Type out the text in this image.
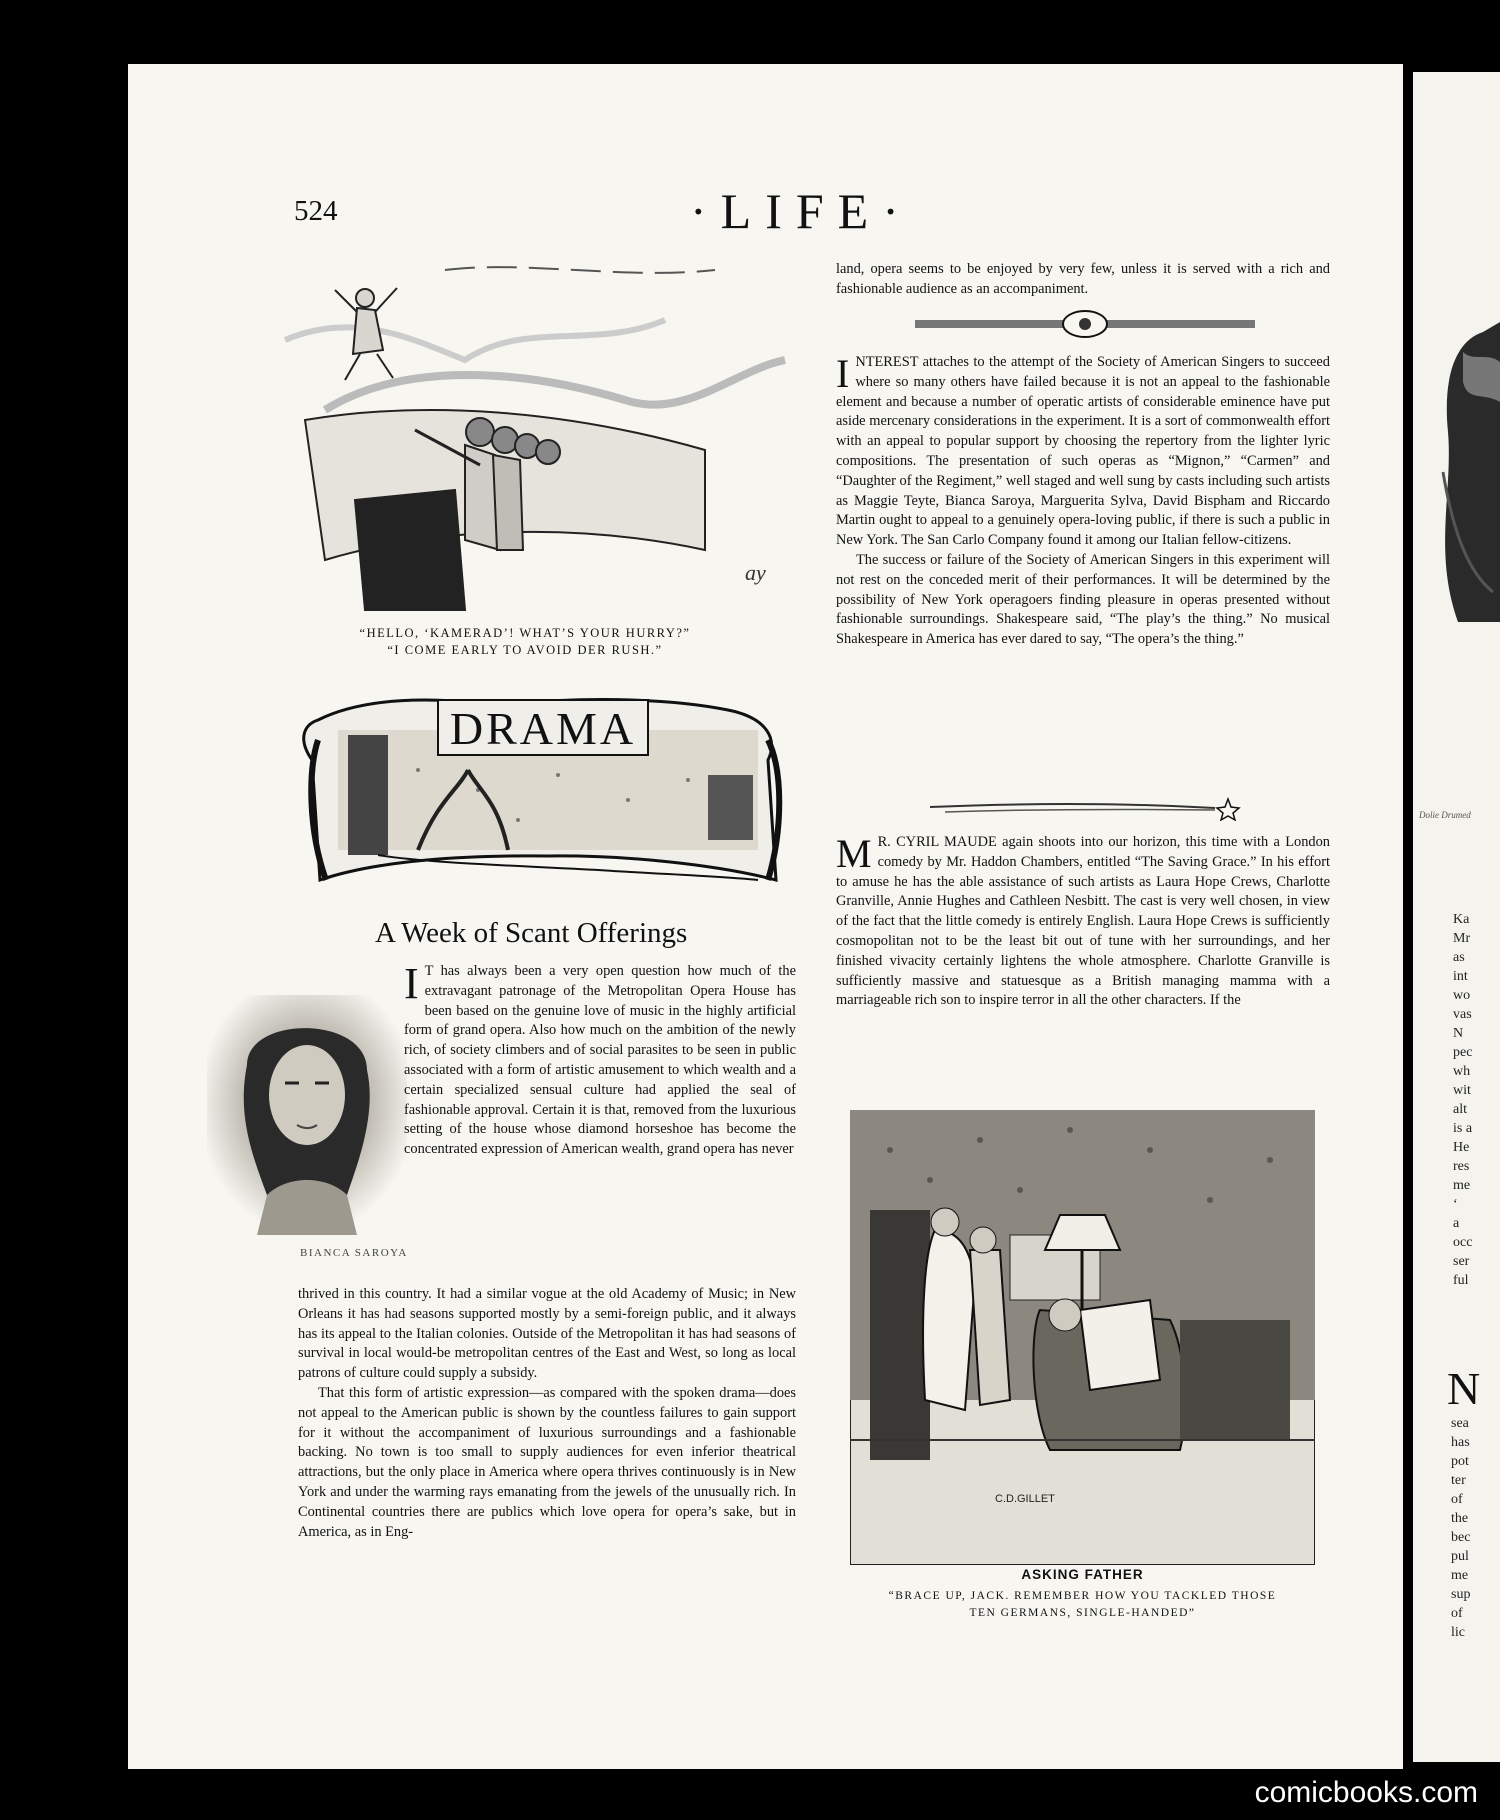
Dolie Drumed
Ka
Mr
as
int
wo
vas
N
pec
wh
wit
alt
is a
He
res
me
‘
a
occ
ser
ful
N
sea
has
pot
ter
of
the
bec
pul
me
sup
of
lic
524	·LIFE·
ay
“HELLO, ‘KAMERAD’! WHAT’S YOUR HURRY?”
“I COME EARLY TO AVOID DER RUSH.”
DRAMA
A Week of Scant Offerings
BIANCA SAROYA

I T has always been a very open question how much of the extravagant patronage of the Metropolitan Opera House has been based on the genuine love of music in the highly artificial form of grand opera. Also how much on the ambition of the newly rich, of society climbers and of social parasites to be seen in public associated with a form of artistic amusement to which wealth and a certain specialized sensual culture had applied the seal of fashionable approval. Certain it is that, removed from the luxurious setting of the house whose diamond horseshoe has become the concentrated expression of American wealth, grand opera has never

thrived in this country. It had a similar vogue at the old Academy of Music; in New Orleans it has had seasons supported mostly by a semi-foreign public, and it always has its appeal to the Italian colonies. Outside of the Metropolitan it has had seasons of survival in local would-be metropolitan centres of the East and West, so long as local patrons of culture could supply a subsidy.

That this form of artistic expression—as compared with the spoken drama—does not appeal to the American public is shown by the countless failures to gain support for it without the accompaniment of luxurious surroundings and a fashionable backing. No town is too small to supply audiences for even inferior theatrical attractions, but the only place in America where opera thrives continuously is in New York and under the warming rays emanating from the jewels of the unusually rich. In Continental countries there are publics which love opera for opera’s sake, but in America, as in Eng-

land, opera seems to be enjoyed by very few, unless it is served with a rich and fashionable audience as an accompaniment.

INTEREST attaches to the attempt of the Society of American Singers to succeed where so many others have failed because it is not an appeal to the fashionable element and because a number of operatic artists of considerable eminence have put aside mercenary considerations in the experiment. It is a sort of commonwealth effort with an appeal to popular support by choosing the repertory from the lighter lyric compositions. The presentation of such operas as “Mignon,” “Carmen” and “Daughter of the Regiment,” well staged and well sung by casts including such artists as Maggie Teyte, Bianca Saroya, Marguerita Sylva, David Bispham and Riccardo Martin ought to appeal to a genuinely opera-loving public, if there is such a public in New York. The San Carlo Company found it among our Italian fellow-citizens.

The success or failure of the Society of American Singers in this experiment will not rest on the conceded merit of their performances. It will be determined by the possibility of New York operagoers finding pleasure in operas presented without fashionable surroundings. Shakespeare said, “The play’s the thing.” No musical Shakespeare in America has ever dared to say, “The opera’s the thing.”

M R. CYRIL MAUDE again shoots into our horizon, this time with a London comedy by Mr. Haddon Chambers, entitled “The Saving Grace.” In his effort to amuse he has the able assistance of such artists as Laura Hope Crews, Charlotte Granville, Annie Hughes and Cathleen Nesbitt. The cast is very well chosen, in view of the fact that the little comedy is entirely English. Laura Hope Crews is sufficiently cosmopolitan not to be the least bit out of tune with her surroundings, and her finished vivacity certainly lightens the whole atmosphere. Charlotte Granville is sufficiently massive and statuesque as a British managing mamma with a marriageable rich son to inspire terror in all the other characters. If the

C.D.GILLET
ASKING FATHER
“BRACE UP, JACK. REMEMBER HOW YOU TACKLED THOSE
TEN GERMANS, SINGLE-HANDED”
comicbooks.com
